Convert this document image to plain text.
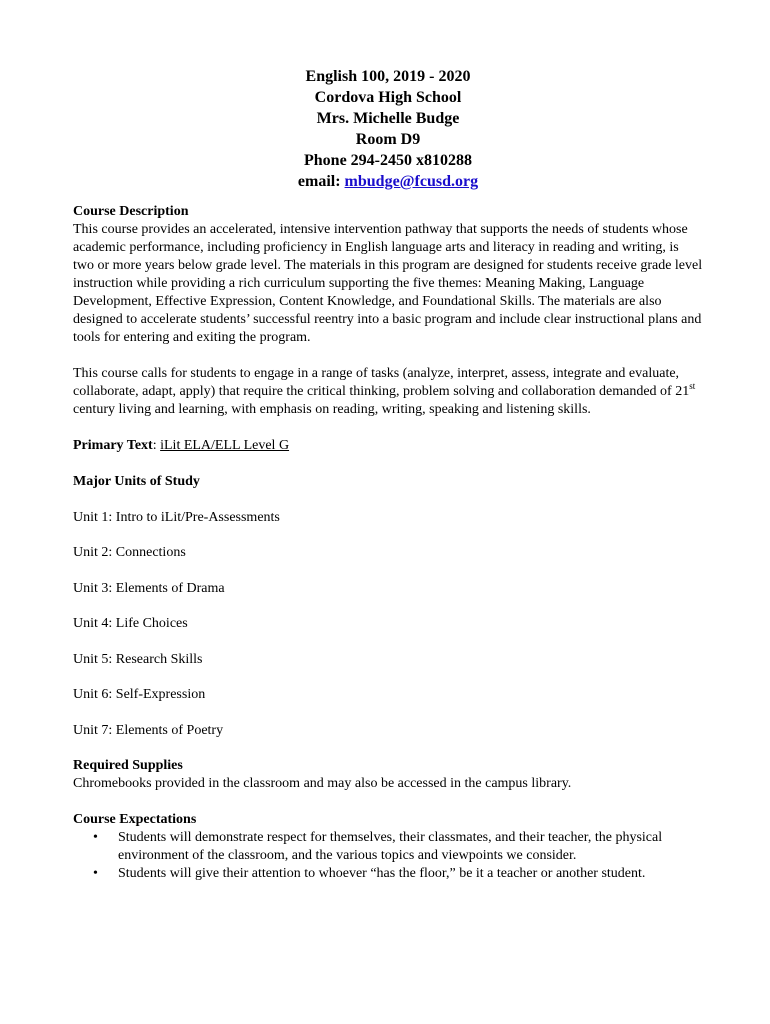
English 100, 2019 - 2020
Cordova High School
Mrs. Michelle Budge
Room D9
Phone 294-2450 x810288
email: mbudge@fcusd.org
Course Description

This course provides an accelerated, intensive intervention pathway that supports the needs of students whose academic performance, including proficiency in English language arts and literacy in reading and writing, is two or more years below grade level. The materials in this program are designed for students receive grade level instruction while providing a rich curriculum supporting the five themes: Meaning Making, Language Development, Effective Expression, Content Knowledge, and Foundational Skills. The materials are also designed to accelerate students’ successful reentry into a basic program and include clear instructional plans and tools for entering and exiting the program.

This course calls for students to engage in a range of tasks (analyze, interpret, assess, integrate and evaluate, collaborate, adapt, apply) that require the critical thinking, problem solving and collaboration demanded of 21st century living and learning, with emphasis on reading, writing, speaking and listening skills.

Primary Text: iLit ELA/ELL Level G
Major Units of Study
Unit 1: Intro to iLit/Pre-Assessments
Unit 2: Connections
Unit 3: Elements of Drama
Unit 4: Life Choices
Unit 5: Research Skills
Unit 6: Self-Expression
Unit 7: Elements of Poetry
Required Supplies

Chromebooks provided in the classroom and may also be accessed in the campus library.

Course Expectations
• Students will demonstrate respect for themselves, their classmates, and their teacher, the physical environment of the classroom, and the various topics and viewpoints we consider.
• Students will give their attention to whoever “has the floor,” be it a teacher or another student.
